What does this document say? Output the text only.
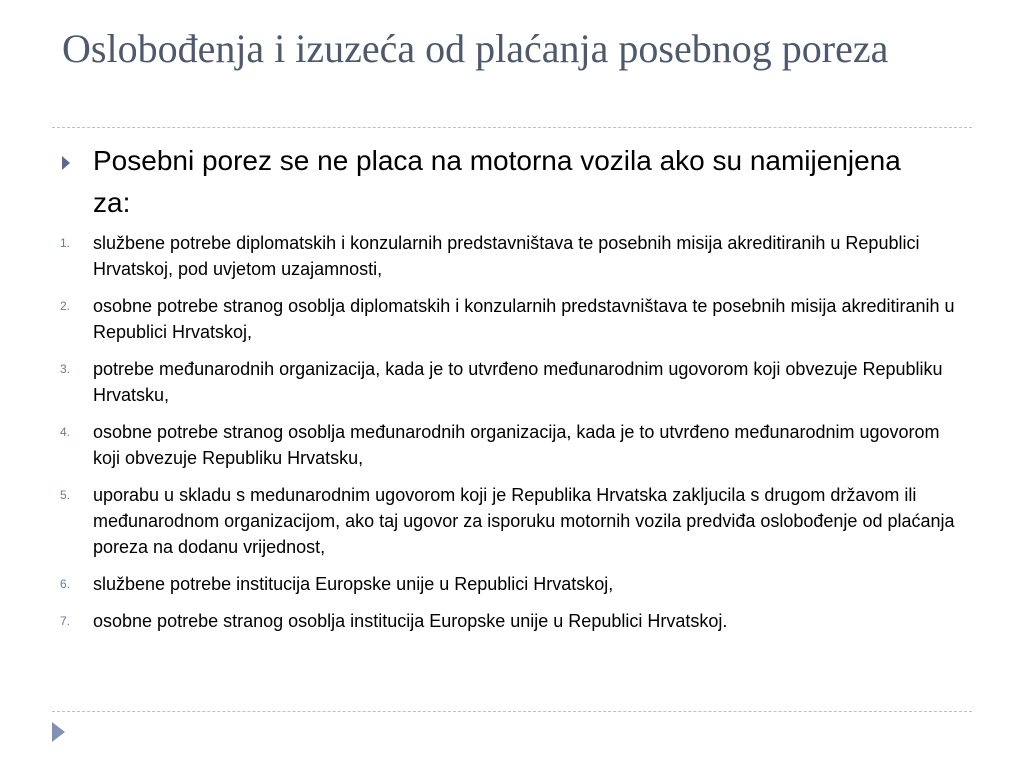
Oslobođenja i izuzeća od plaćanja posebnog poreza
Posebni porez se ne placa na motorna vozila ako su namijenjena za:
1. službene potrebe diplomatskih i konzularnih predstavništava te posebnih misija akreditiranih u Republici Hrvatskoj, pod uvjetom uzajamnosti,
2. osobne potrebe stranog osoblja diplomatskih i konzularnih predstavništava te posebnih misija akreditiranih u Republici Hrvatskoj,
3. potrebe međunarodnih organizacija, kada je to utvrđeno međunarodnim ugovorom koji obvezuje Republiku Hrvatsku,
4. osobne potrebe stranog osoblja međunarodnih organizacija, kada je to utvrđeno međunarodnim ugovorom koji obvezuje Republiku Hrvatsku,
5. uporabu u skladu s medunarodnim ugovorom koji je Republika Hrvatska zakljucila s drugom državom ili međunarodnom organizacijom, ako taj ugovor za isporuku motornih vozila predviđa oslobođenje od plaćanja poreza na dodanu vrijednost,
6. službene potrebe institucija Europske unije u Republici Hrvatskoj,
7. osobne potrebe stranog osoblja institucija Europske unije u Republici Hrvatskoj.
